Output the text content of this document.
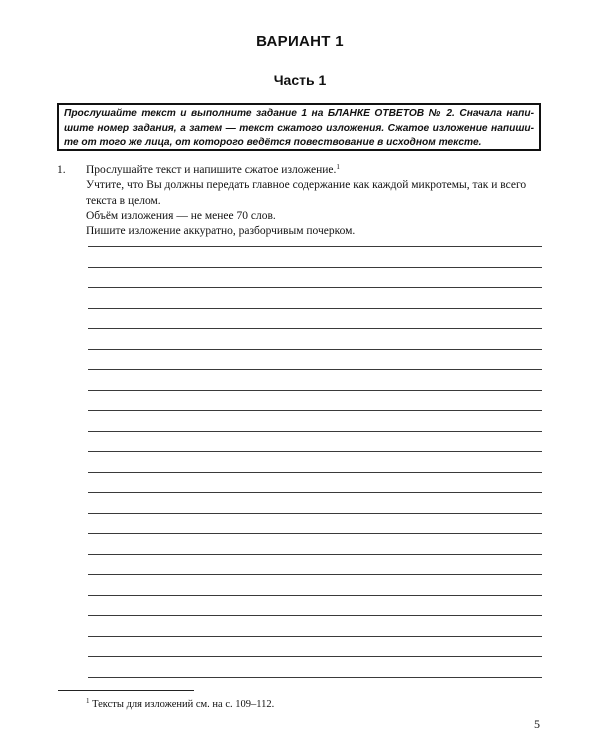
ВАРИАНТ 1
Часть 1
Прослушайте текст и выполните задание 1 на БЛАНКЕ ОТВЕТОВ № 2. Сначала напи-
шите номер задания, а затем — текст сжатого изложения. Сжатое изложение напиши-
те от того же лица, от которого ведётся повествование в исходном тексте.
1. Прослушайте текст и напишите сжатое изложение.$^1$
Учтите, что Вы должны передать главное содержание как каждой микротемы, так и всего
текста в целом.
Объём изложения — не менее 70 слов.
Пишите изложение аккуратно, разборчивым почерком.
$^1$ Тексты для изложений см. на с. 109–112.
5
